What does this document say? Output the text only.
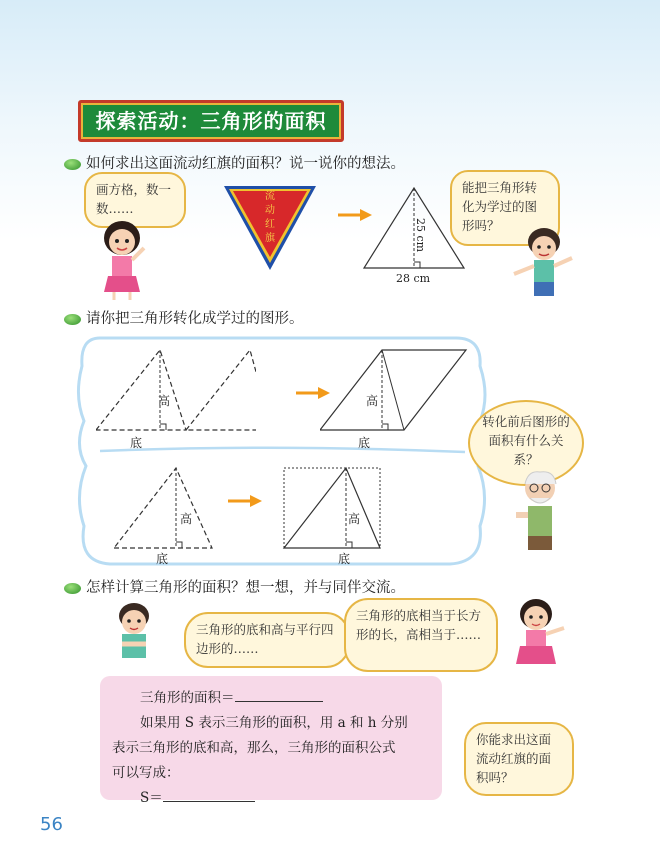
探索活动：三角形的面积
如何求出这面流动红旗的面积？说一说你的想法。
画方格，数一数……
流
动
红
旗	25 cm
28 cm
能把三角形转化为学过的图形吗？
请你把三角形转化成学过的图形。
高
底
高
底
高
底
高
底
转化前后图形的面积有什么关系？
怎样计算三角形的面积？想一想，并与同伴交流。
三角形的底和高与平行四边形的……
三角形的底相当于长方形的长，高相当于……
三角形的面积＝
如果用 S 表示三角形的面积，用 a 和 h 分别
表示三角形的底和高，那么，三角形的面积公式
可以写成：
S＝
你能求出这面流动红旗的面积吗？
56
